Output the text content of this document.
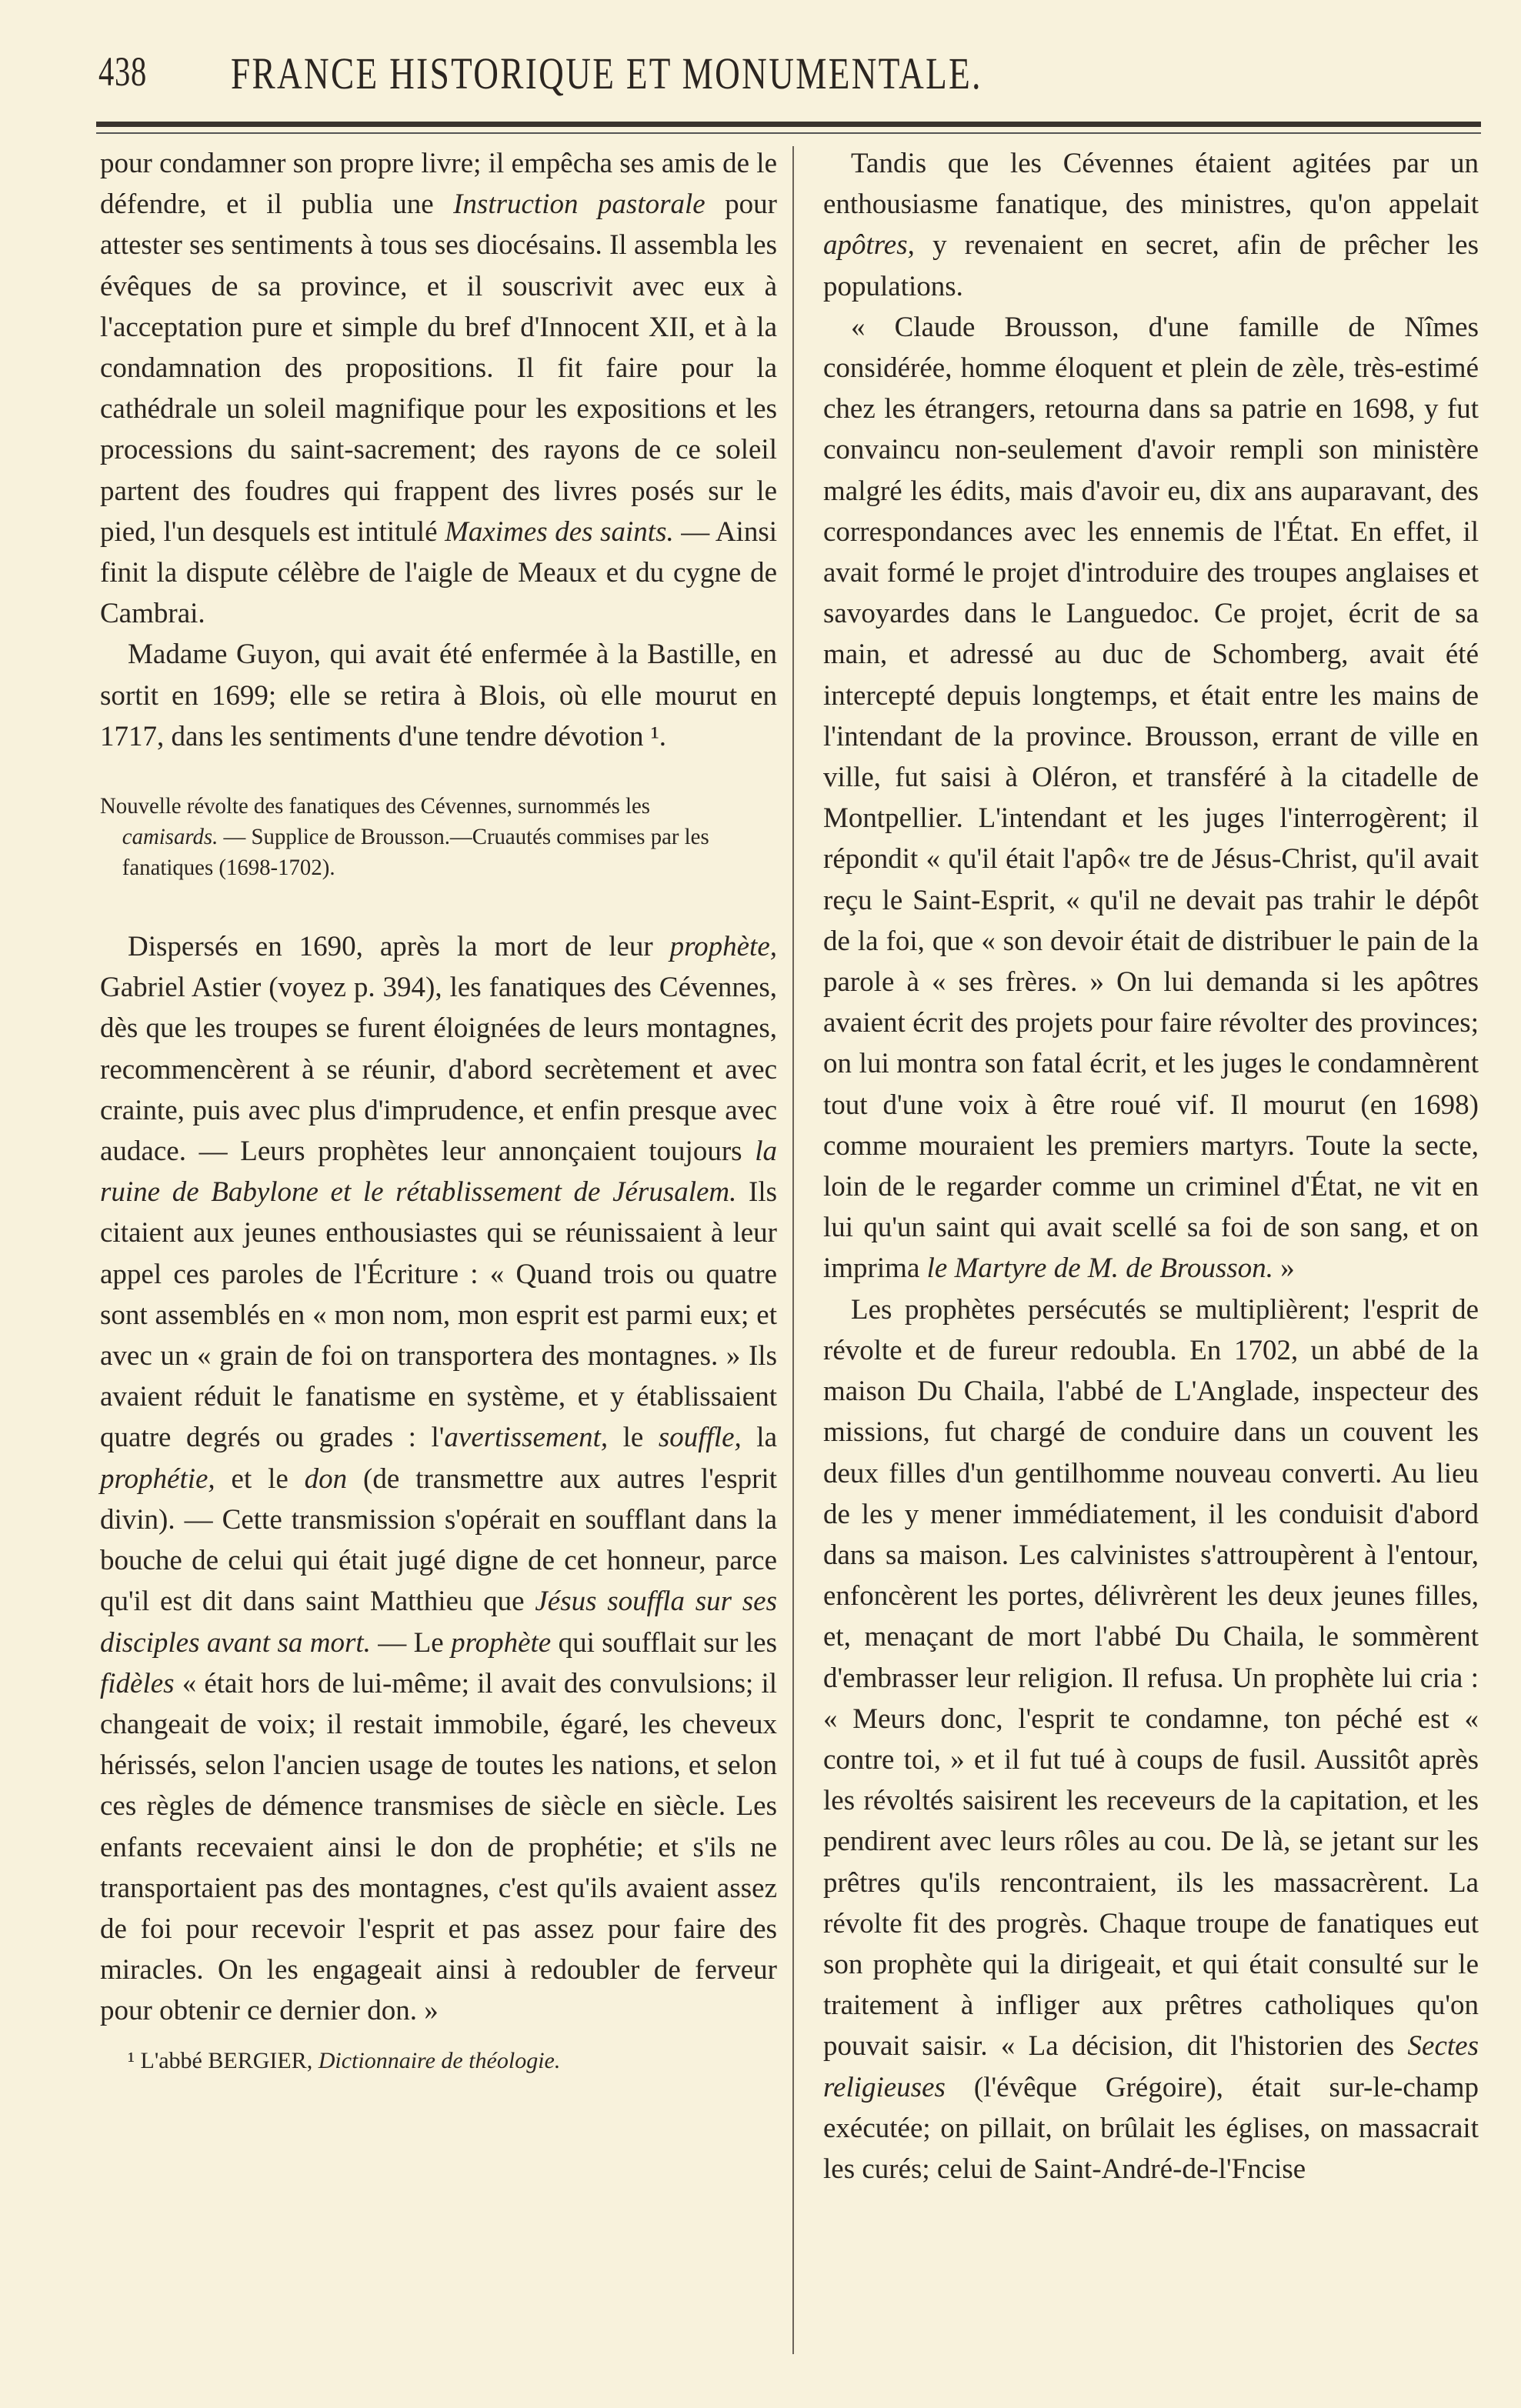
438 FRANCE HISTORIQUE ET MONUMENTALE.

pour condamner son propre livre; il empêcha ses amis de le défendre, et il publia une Instruction pastorale pour attester ses sentiments à tous ses diocésains. Il assembla les évêques de sa province, et il souscrivit avec eux à l'acceptation pure et simple du bref d'Innocent XII, et à la condamnation des propositions. Il fit faire pour la cathédrale un soleil magnifique pour les expositions et les processions du saint-sacrement; des rayons de ce soleil partent des foudres qui frappent des livres posés sur le pied, l'un desquels est intitulé Maximes des saints. — Ainsi finit la dispute célèbre de l'aigle de Meaux et du cygne de Cambrai.

Madame Guyon, qui avait été enfermée à la Bastille, en sortit en 1699; elle se retira à Blois, où elle mourut en 1717, dans les sentiments d'une tendre dévotion ¹.

Nouvelle révolte des fanatiques des Cévennes, surnommés les camisards. — Supplice de Brousson.—Cruautés commises par les fanatiques (1698-1702).

Dispersés en 1690, après la mort de leur prophète, Gabriel Astier (voyez p. 394), les fanatiques des Cévennes, dès que les troupes se furent éloignées de leurs montagnes, recommencèrent à se réunir, d'abord secrètement et avec crainte, puis avec plus d'imprudence, et enfin presque avec audace. — Leurs prophètes leur annonçaient toujours la ruine de Babylone et le rétablissement de Jérusalem. Ils citaient aux jeunes enthousiastes qui se réunissaient à leur appel ces paroles de l'Écriture : « Quand trois ou quatre sont assemblés en « mon nom, mon esprit est parmi eux; et avec un « grain de foi on transportera des montagnes. » Ils avaient réduit le fanatisme en système, et y établissaient quatre degrés ou grades : l'avertissement, le souffle, la prophétie, et le don (de transmettre aux autres l'esprit divin). — Cette transmission s'opérait en soufflant dans la bouche de celui qui était jugé digne de cet honneur, parce qu'il est dit dans saint Matthieu que Jésus souffla sur ses disciples avant sa mort. — Le prophète qui soufflait sur les fidèles « était hors de lui-même; il avait des convulsions; il changeait de voix; il restait immobile, égaré, les cheveux hérissés, selon l'ancien usage de toutes les nations, et selon ces règles de démence transmises de siècle en siècle. Les enfants recevaient ainsi le don de prophétie; et s'ils ne transportaient pas des montagnes, c'est qu'ils avaient assez de foi pour recevoir l'esprit et pas assez pour faire des miracles. On les engageait ainsi à redoubler de ferveur pour obtenir ce dernier don. »

¹ L'abbé BERGIER, Dictionnaire de théologie.

Tandis que les Cévennes étaient agitées par un enthousiasme fanatique, des ministres, qu'on appelait apôtres, y revenaient en secret, afin de prêcher les populations.

« Claude Brousson, d'une famille de Nîmes considérée, homme éloquent et plein de zèle, très-estimé chez les étrangers, retourna dans sa patrie en 1698, y fut convaincu non-seulement d'avoir rempli son ministère malgré les édits, mais d'avoir eu, dix ans auparavant, des correspondances avec les ennemis de l'État. En effet, il avait formé le projet d'introduire des troupes anglaises et savoyardes dans le Languedoc. Ce projet, écrit de sa main, et adressé au duc de Schomberg, avait été intercepté depuis longtemps, et était entre les mains de l'intendant de la province. Brousson, errant de ville en ville, fut saisi à Oléron, et transféré à la citadelle de Montpellier. L'intendant et les juges l'interrogèrent; il répondit « qu'il était l'apô« tre de Jésus-Christ, qu'il avait reçu le Saint-Esprit, « qu'il ne devait pas trahir le dépôt de la foi, que « son devoir était de distribuer le pain de la parole à « ses frères. » On lui demanda si les apôtres avaient écrit des projets pour faire révolter des provinces; on lui montra son fatal écrit, et les juges le condamnèrent tout d'une voix à être roué vif. Il mourut (en 1698) comme mouraient les premiers martyrs. Toute la secte, loin de le regarder comme un criminel d'État, ne vit en lui qu'un saint qui avait scellé sa foi de son sang, et on imprima le Martyre de M. de Brousson. »

Les prophètes persécutés se multiplièrent; l'esprit de révolte et de fureur redoubla. En 1702, un abbé de la maison Du Chaila, l'abbé de L'Anglade, inspecteur des missions, fut chargé de conduire dans un couvent les deux filles d'un gentilhomme nouveau converti. Au lieu de les y mener immédiatement, il les conduisit d'abord dans sa maison. Les calvinistes s'attroupèrent à l'entour, enfoncèrent les portes, délivrèrent les deux jeunes filles, et, menaçant de mort l'abbé Du Chaila, le sommèrent d'embrasser leur religion. Il refusa. Un prophète lui cria : « Meurs donc, l'esprit te condamne, ton péché est « contre toi, » et il fut tué à coups de fusil. Aussitôt après les révoltés saisirent les receveurs de la capitation, et les pendirent avec leurs rôles au cou. De là, se jetant sur les prêtres qu'ils rencontraient, ils les massacrèrent. La révolte fit des progrès. Chaque troupe de fanatiques eut son prophète qui la dirigeait, et qui était consulté sur le traitement à infliger aux prêtres catholiques qu'on pouvait saisir. « La décision, dit l'historien des Sectes religieuses (l'évêque Grégoire), était sur-le-champ exécutée; on pillait, on brûlait les églises, on massacrait les curés; celui de Saint-André-de-l'Fncise
